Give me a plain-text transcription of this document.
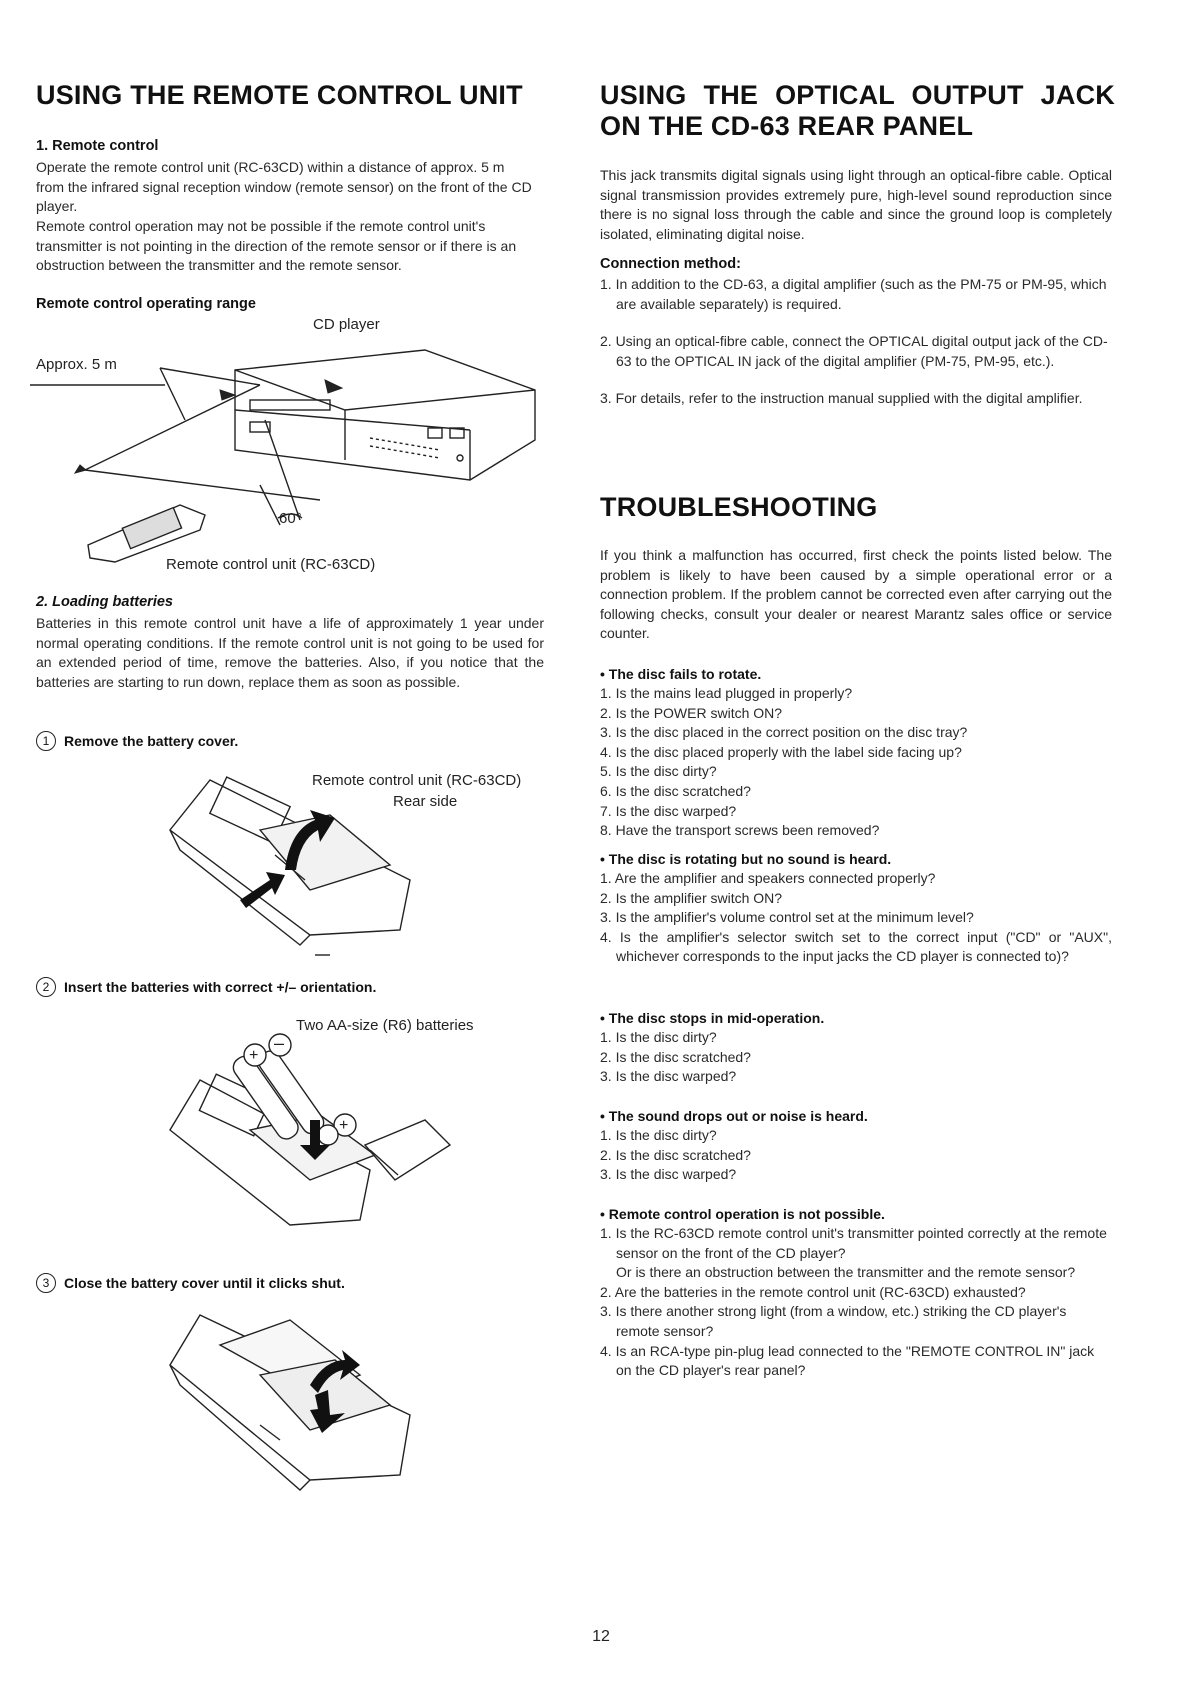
USING THE REMOTE CONTROL UNIT
1. Remote control

Operate the remote control unit (RC-63CD) within a distance of approx. 5 m from the infrared signal reception window (remote sensor) on the front of the CD player.

Remote control operation may not be possible if the remote control unit's transmitter is not pointing in the direction of the remote sensor or if there is an obstruction between the transmitter and the remote sensor.

Remote control operating range
CD player
Approx. 5 m
60°
Remote control unit (RC-63CD)
2. Loading batteries

Batteries in this remote control unit have a life of approximately 1 year under normal operating conditions. If the remote control unit is not going to be used for an extended period of time, remove the batteries. Also, if you notice that the batteries are starting to run down, replace them as soon as possible.

1	Remove the battery cover.
2	Insert the batteries with correct +/– orientation.
3	Close the battery cover until it clicks shut.
Remote control unit (RC-63CD)
Rear side
Two AA-size (R6) batteries
+
–
+
USING THE OPTICAL OUTPUT JACK
ON THE CD-63 REAR PANEL

This jack transmits digital signals using light through an optical-fibre cable. Optical signal transmission provides extremely pure, high-level sound reproduction since there is no signal loss through the cable and since the ground loop is completely isolated, eliminating digital noise.

Connection method:
1. In addition to the CD-63, a digital amplifier (such as the PM-75 or PM-95, which are available separately) is required.
2. Using an optical-fibre cable, connect the OPTICAL digital output jack of the CD-63 to the OPTICAL IN jack of the digital amplifier (PM-75, PM-95, etc.).
3. For details, refer to the instruction manual supplied with the digital amplifier.
TROUBLESHOOTING

If you think a malfunction has occurred, first check the points listed below. The problem is likely to have been caused by a simple operational error or a connection problem. If the problem cannot be corrected even after carrying out the following checks, consult your dealer or nearest Marantz sales office or service counter.

• The disc fails to rotate.
1. Is the mains lead plugged in properly?
2. Is the POWER switch ON?
3. Is the disc placed in the correct position on the disc tray?
4. Is the disc placed properly with the label side facing up?
5. Is the disc dirty?
6. Is the disc scratched?
7. Is the disc warped?
8. Have the transport screws been removed?
• The disc is rotating but no sound is heard.
1. Are the amplifier and speakers connected properly?
2. Is the amplifier switch ON?
3. Is the amplifier's volume control set at the minimum level?
4. Is the amplifier's selector switch set to the correct input ("CD" or "AUX", whichever corresponds to the input jacks the CD player is connected to)?
• The disc stops in mid-operation.
1. Is the disc dirty?
2. Is the disc scratched?
3. Is the disc warped?
• The sound drops out or noise is heard.
1. Is the disc dirty?
2. Is the disc scratched?
3. Is the disc warped?
• Remote control operation is not possible.
1. Is the RC-63CD remote control unit's transmitter pointed correctly at the remote sensor on the front of the CD player?
Or is there an obstruction between the transmitter and the remote sensor?
2. Are the batteries in the remote control unit (RC-63CD) exhausted?
3. Is there another strong light (from a window, etc.) striking the CD player's remote sensor?
4. Is an RCA-type pin-plug lead connected to the "REMOTE CONTROL IN" jack on the CD player's rear panel?
12
